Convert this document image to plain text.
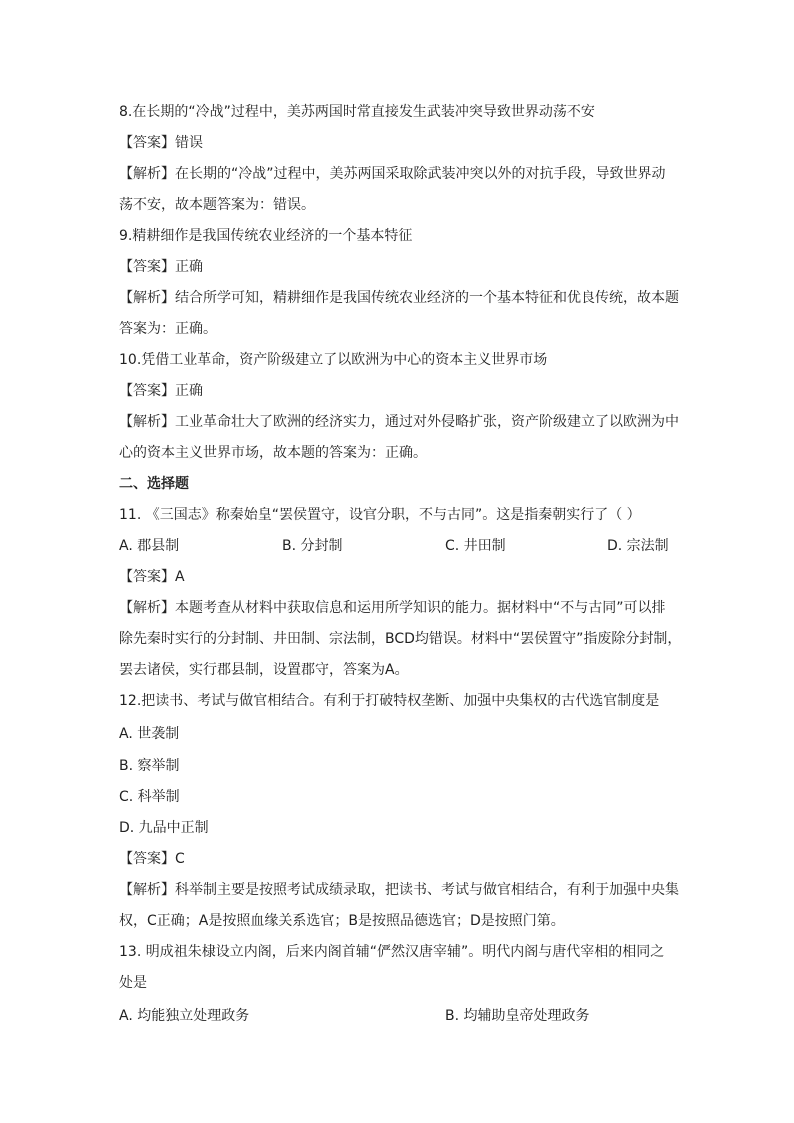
8.在长期的“冷战”过程中，美苏两国时常直接发生武装冲突导致世界动荡不安
【答案】错误
【解析】在长期的“冷战”过程中，美苏两国采取除武装冲突以外的对抗手段，导致世界动
荡不安，故本题答案为：错误。
9.精耕细作是我国传统农业经济的一个基本特征
【答案】正确
【解析】结合所学可知，精耕细作是我国传统农业经济的一个基本特征和优良传统，故本题
答案为：正确。
10.凭借工业革命，资产阶级建立了以欧洲为中心的资本主义世界市场
【答案】正确
【解析】工业革命壮大了欧洲的经济实力，通过对外侵略扩张，资产阶级建立了以欧洲为中
心的资本主义世界市场，故本题的答案为：正确。
二、选择题
11. 《三国志》称秦始皇“罢侯置守，设官分职，不与古同”。这是指秦朝实行了（ ）
A. 郡县制	B. 分封制	C. 井田制	D. 宗法制
【答案】A
【解析】本题考查从材料中获取信息和运用所学知识的能力。据材料中“不与古同”可以排
除先秦时实行的分封制、井田制、宗法制，BCD均错误。材料中“罢侯置守”指废除分封制，
罢去诸侯，实行郡县制，设置郡守，答案为A。
12.把读书、考试与做官相结合。有利于打破特权垄断、加强中央集权的古代选官制度是
A. 世袭制
B. 察举制
C. 科举制
D. 九品中正制
【答案】C
【解析】科举制主要是按照考试成绩录取，把读书、考试与做官相结合，有利于加强中央集
权，C正确；A是按照血缘关系选官；B是按照品德选官；D是按照门第。
13. 明成祖朱棣设立内阁，后来内阁首辅“俨然汉唐宰辅”。明代内阁与唐代宰相的相同之
处是
A. 均能独立处理政务	B. 均辅助皇帝处理政务
